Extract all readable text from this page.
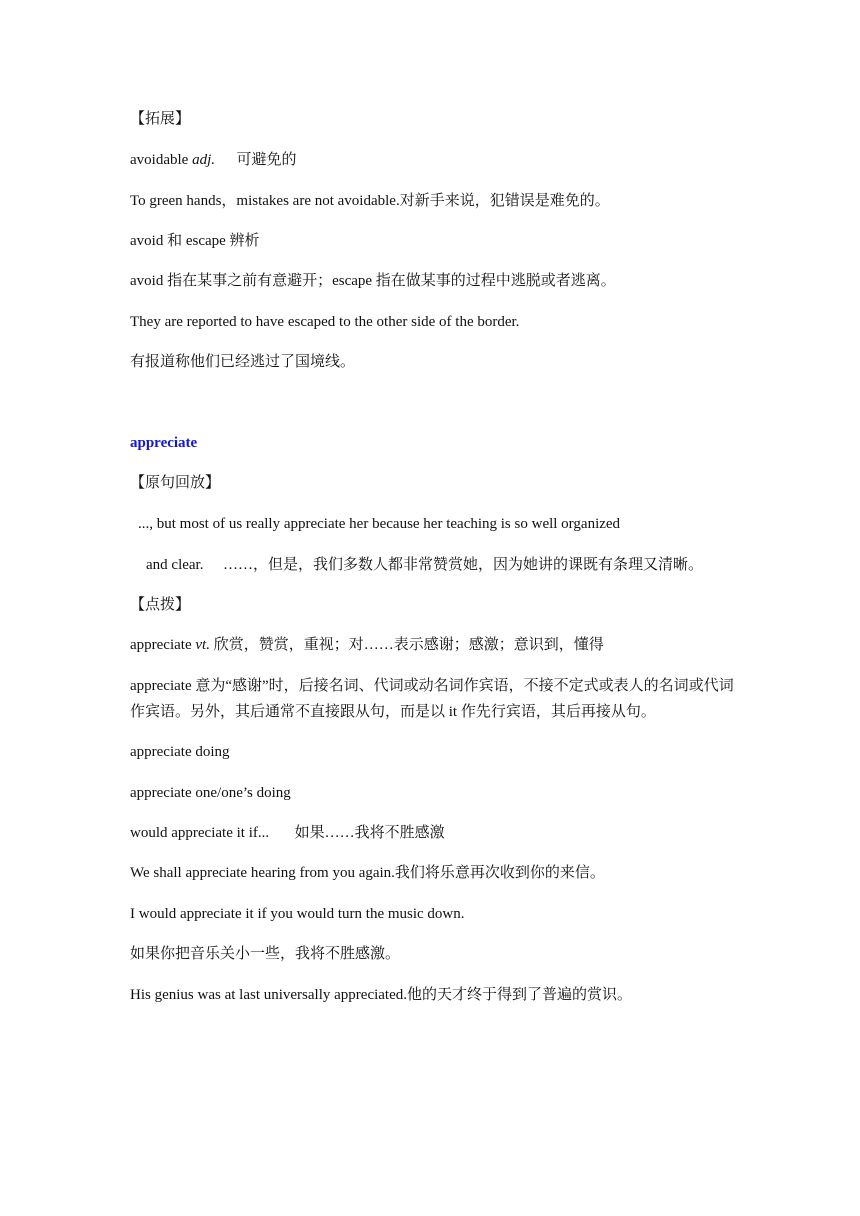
【拓展】
avoidable adj. 可避免的
To green hands，mistakes are not avoidable.对新手来说，犯错误是难免的。
avoid 和 escape 辨析
avoid 指在某事之前有意避开；escape 指在做某事的过程中逃脱或者逃离。
They are reported to have escaped to the other side of the border.
有报道称他们已经逃过了国境线。
appreciate
【原句回放】
..., but most of us really appreciate her because her teaching is so well organized
and clear. ……，但是，我们多数人都非常赞赏她，因为她讲的课既有条理又清晰。
【点拨】
appreciate vt. 欣赏，赞赏，重视；对……表示感谢；感激；意识到，懂得
appreciate 意为“感谢”时，后接名词、代词或动名词作宾语，不接不定式或表人的名词或代词作宾语。另外，其后通常不直接跟从句，而是以 it 作先行宾语，其后再接从句。
appreciate doing
appreciate one/one’s doing
would appreciate it if... 如果……我将不胜感激
We shall appreciate hearing from you again.我们将乐意再次收到你的来信。
I would appreciate it if you would turn the music down.
如果你把音乐关小一些，我将不胜感激。
His genius was at last universally appreciated.他的天才终于得到了普遍的赏识。
